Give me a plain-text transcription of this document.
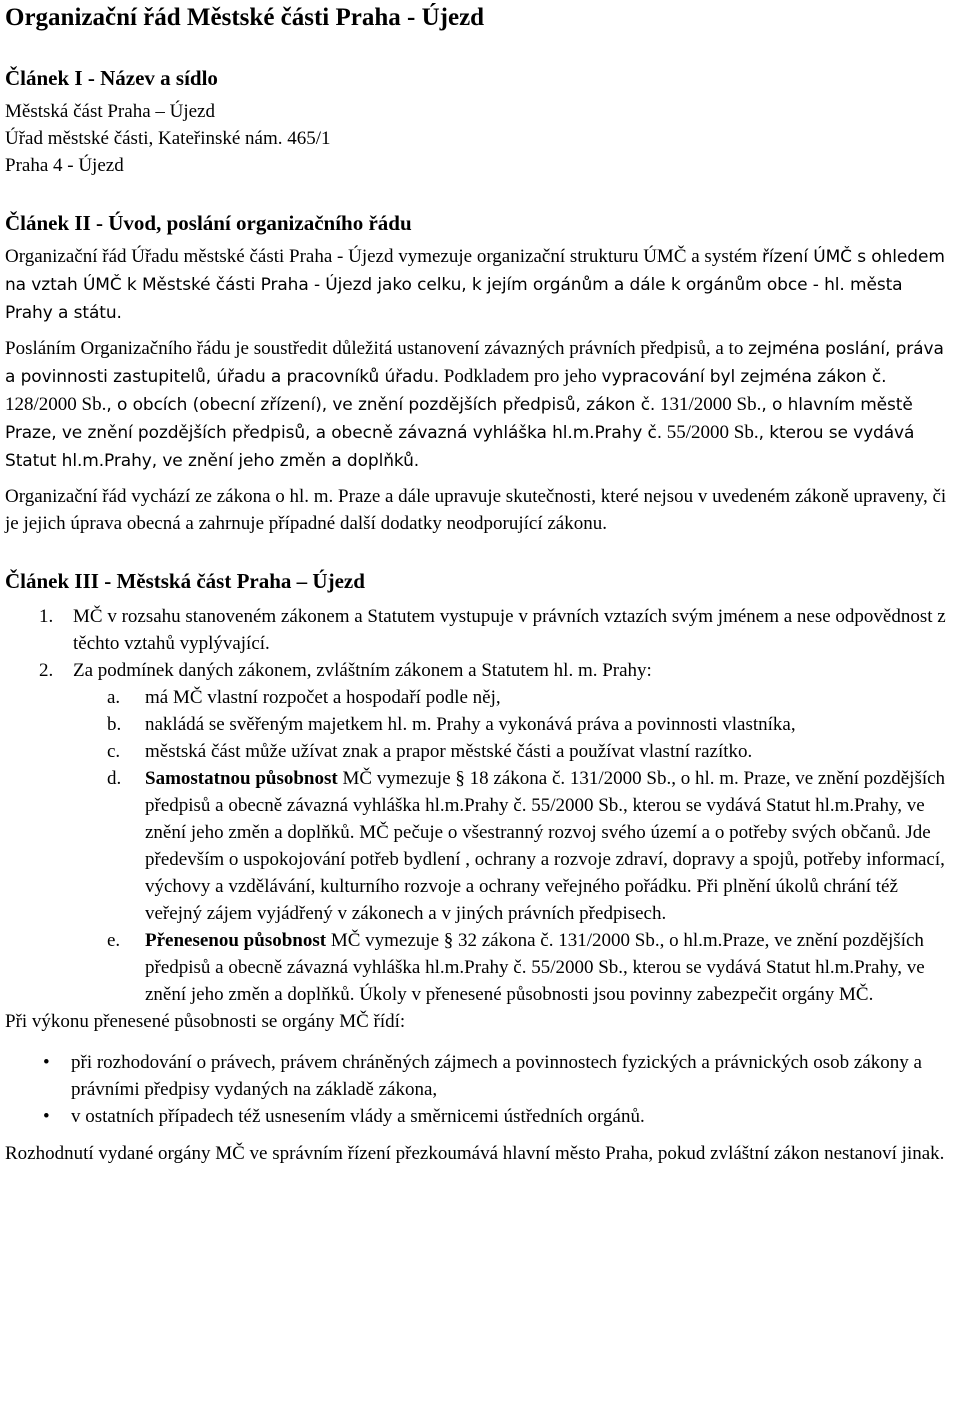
Organizační řád Městské části Praha - Újezd
Článek I - Název a sídlo

Městská část Praha – Újezd

Úřad městské části, Kateřinské nám. 465/1

Praha 4 - Újezd

Článek II - Úvod, poslání organizačního řádu

Organizační řád Úřadu městské části Praha - Újezd vymezuje organizační strukturu ÚMČ a systém řízení ÚMČ s ohledem na vztah ÚMČ k Městské části Praha - Újezd jako celku, k jejím orgánům a dále k orgánům obce - hl. města Prahy a státu.

Posláním Organizačního řádu je soustředit důležitá ustanovení závazných právních předpisů, a to zejména poslání, práva a povinnosti zastupitelů, úřadu a pracovníků úřadu. Podkladem pro jeho vypracování byl zejména zákon č. 128/2000 Sb., o obcích (obecní zřízení), ve znění pozdějších předpisů, zákon č. 131/2000 Sb., o hlavním městě Praze, ve znění pozdějších předpisů, a obecně závazná vyhláška hl.m.Prahy č. 55/2000 Sb., kterou se vydává Statut hl.m.Prahy, ve znění jeho změn a doplňků.

Organizační řád vychází ze zákona o hl. m. Praze a dále upravuje skutečnosti, které nejsou v uvedeném zákoně upraveny, či je jejich úprava obecná a zahrnuje případné další dodatky neodporující zákonu.

Článek III - Městská část Praha – Újezd
1.	MČ v rozsahu stanoveném zákonem a Statutem vystupuje v právních vztazích svým jménem a nese odpovědnost z těchto vztahů vyplývající.
2.	Za podmínek daných zákonem, zvláštním zákonem a Statutem hl. m. Prahy:
a.	má MČ vlastní rozpočet a hospodaří podle něj,
b.	nakládá se svěřeným majetkem hl. m. Prahy a vykonává práva a povinnosti vlastníka,
c.	městská část může užívat znak a prapor městské části a používat vlastní razítko.
d.	Samostatnou působnost MČ vymezuje § 18 zákona č. 131/2000 Sb., o hl. m. Praze, ve znění pozdějších předpisů a obecně závazná vyhláška hl.m.Prahy č. 55/2000 Sb., kterou se vydává Statut hl.m.Prahy, ve znění jeho změn a doplňků. MČ pečuje o všestranný rozvoj svého území a o potřeby svých občanů. Jde především o uspokojování potřeb bydlení , ochrany a rozvoje zdraví, dopravy a spojů, potřeby informací, výchovy a vzdělávání, kulturního rozvoje a ochrany veřejného pořádku. Při plnění úkolů chrání též veřejný zájem vyjádřený v zákonech a v jiných právních předpisech.
e.	Přenesenou působnost MČ vymezuje § 32 zákona č. 131/2000 Sb., o hl.m.Praze, ve znění pozdějších předpisů a obecně závazná vyhláška hl.m.Prahy č. 55/2000 Sb., kterou se vydává Statut hl.m.Prahy, ve znění jeho změn a doplňků. Úkoly v přenesené působnosti jsou povinny zabezpečit orgány MČ.

Při výkonu přenesené působnosti se orgány MČ řídí:

•	při rozhodování o právech, právem chráněných zájmech a povinnostech fyzických a právnických osob zákony a právními předpisy vydaných na základě zákona,
•	v ostatních případech též usnesením vlády a směrnicemi ústředních orgánů.

Rozhodnutí vydané orgány MČ ve správním řízení přezkoumává hlavní město Praha, pokud zvláštní zákon nestanoví jinak.
